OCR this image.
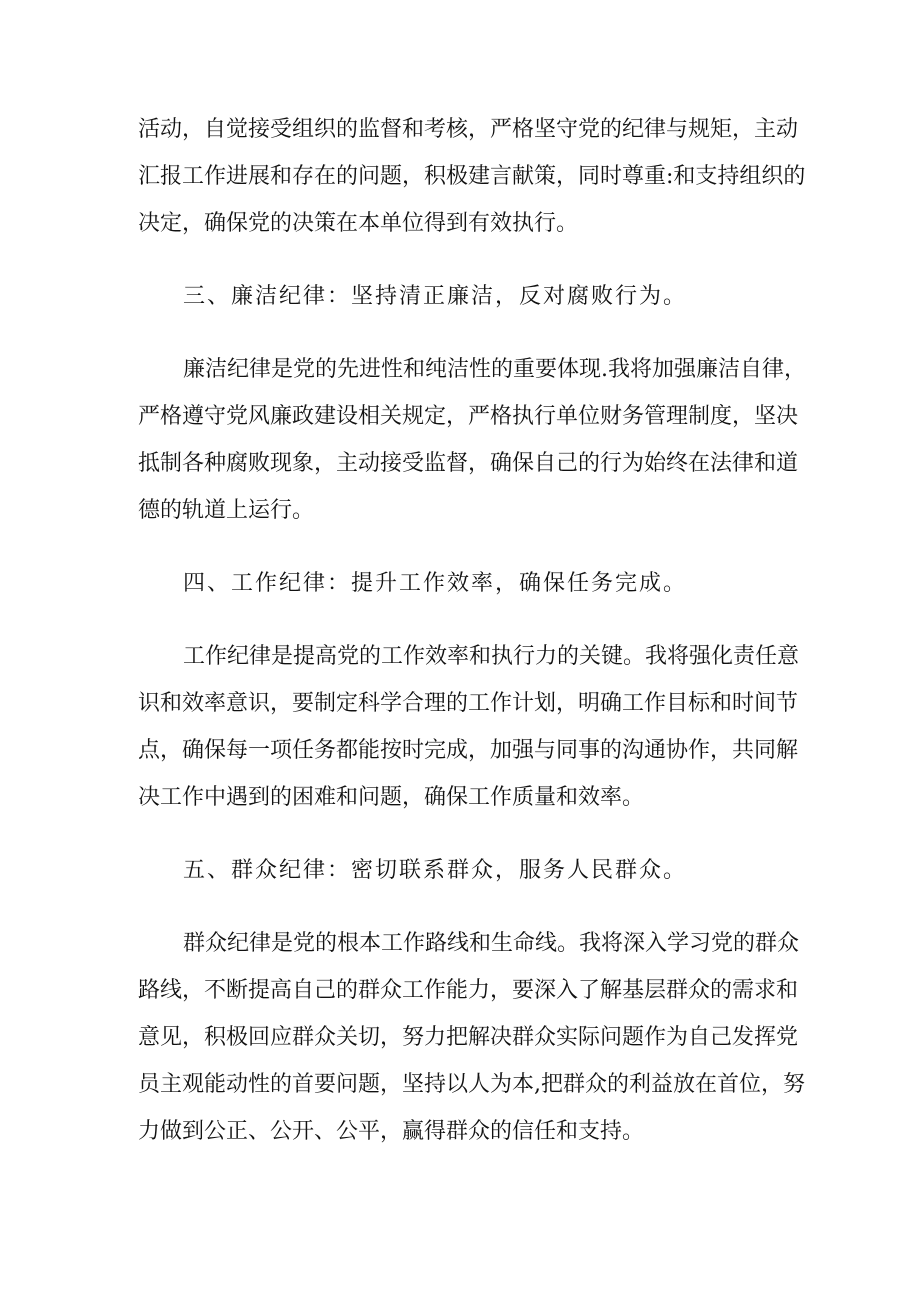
活动，自觉接受组织的监督和考核，严格坚守党的纪律与规矩，主动
汇报工作进展和存在的问题，积极建言献策，同时尊重:和支持组织的
决定，确保党的决策在本单位得到有效执行。
三、廉洁纪律：坚持清正廉洁，反对腐败行为。
廉洁纪律是党的先进性和纯洁性的重要体现.我将加强廉洁自律，
严格遵守党风廉政建设相关规定，严格执行单位财务管理制度，坚决
抵制各种腐败现象，主动接受监督，确保自己的行为始终在法律和道
德的轨道上运行。
四、工作纪律：提升工作效率，确保任务完成。
工作纪律是提高党的工作效率和执行力的关键。我将强化责任意
识和效率意识，要制定科学合理的工作计划，明确工作目标和时间节
点，确保每一项任务都能按时完成，加强与同事的沟通协作，共同解
决工作中遇到的困难和问题，确保工作质量和效率。
五、群众纪律：密切联系群众，服务人民群众。
群众纪律是党的根本工作路线和生命线。我将深入学习党的群众
路线，不断提高自己的群众工作能力，要深入了解基层群众的需求和
意见，积极回应群众关切，努力把解决群众实际问题作为自己发挥党
员主观能动性的首要问题，坚持以人为本,把群众的利益放在首位，努
力做到公正、公开、公平，赢得群众的信任和支持。
